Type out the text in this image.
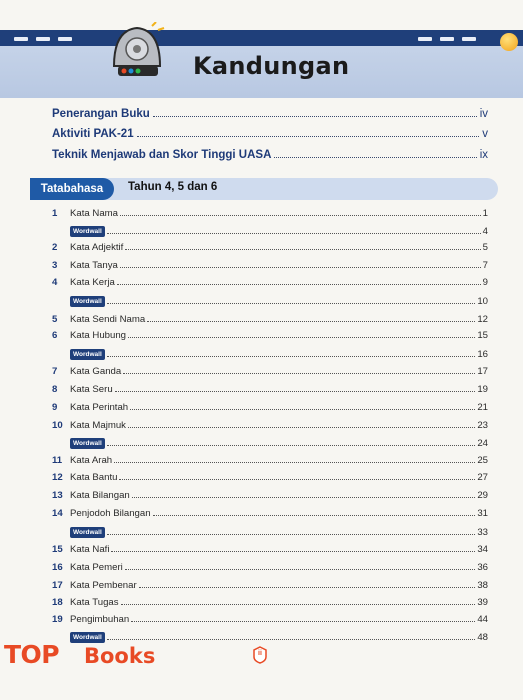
Kandungan
Penerangan Buku	iv
Aktiviti PAK-21	v
Teknik Menjawab dan Skor Tinggi UASA	ix
Tatabahasa	Tahun 4, 5 dan 6
1	Kata Nama	1
Wordwall	4
2	Kata Adjektif	5
3	Kata Tanya	7
4	Kata Kerja	9
Wordwall	10
5	Kata Sendi Nama	12
6	Kata Hubung	15
Wordwall	16
7	Kata Ganda	17
8	Kata Seru	19
9	Kata Perintah	21
10 Kata Majmuk	23
Wordwall	24
11 Kata Arah	25
12 Kata Bantu	27
13 Kata Bilangan	29
14 Penjodoh Bilangan	31
Wordwall	33
15 Kata Nafi	34
16 Kata Pemeri	36
17 Kata Pembenar	38
18 Kata Tugas	39
19 Pengimbuhan	44
Wordwall	48
ii
TOP Books
